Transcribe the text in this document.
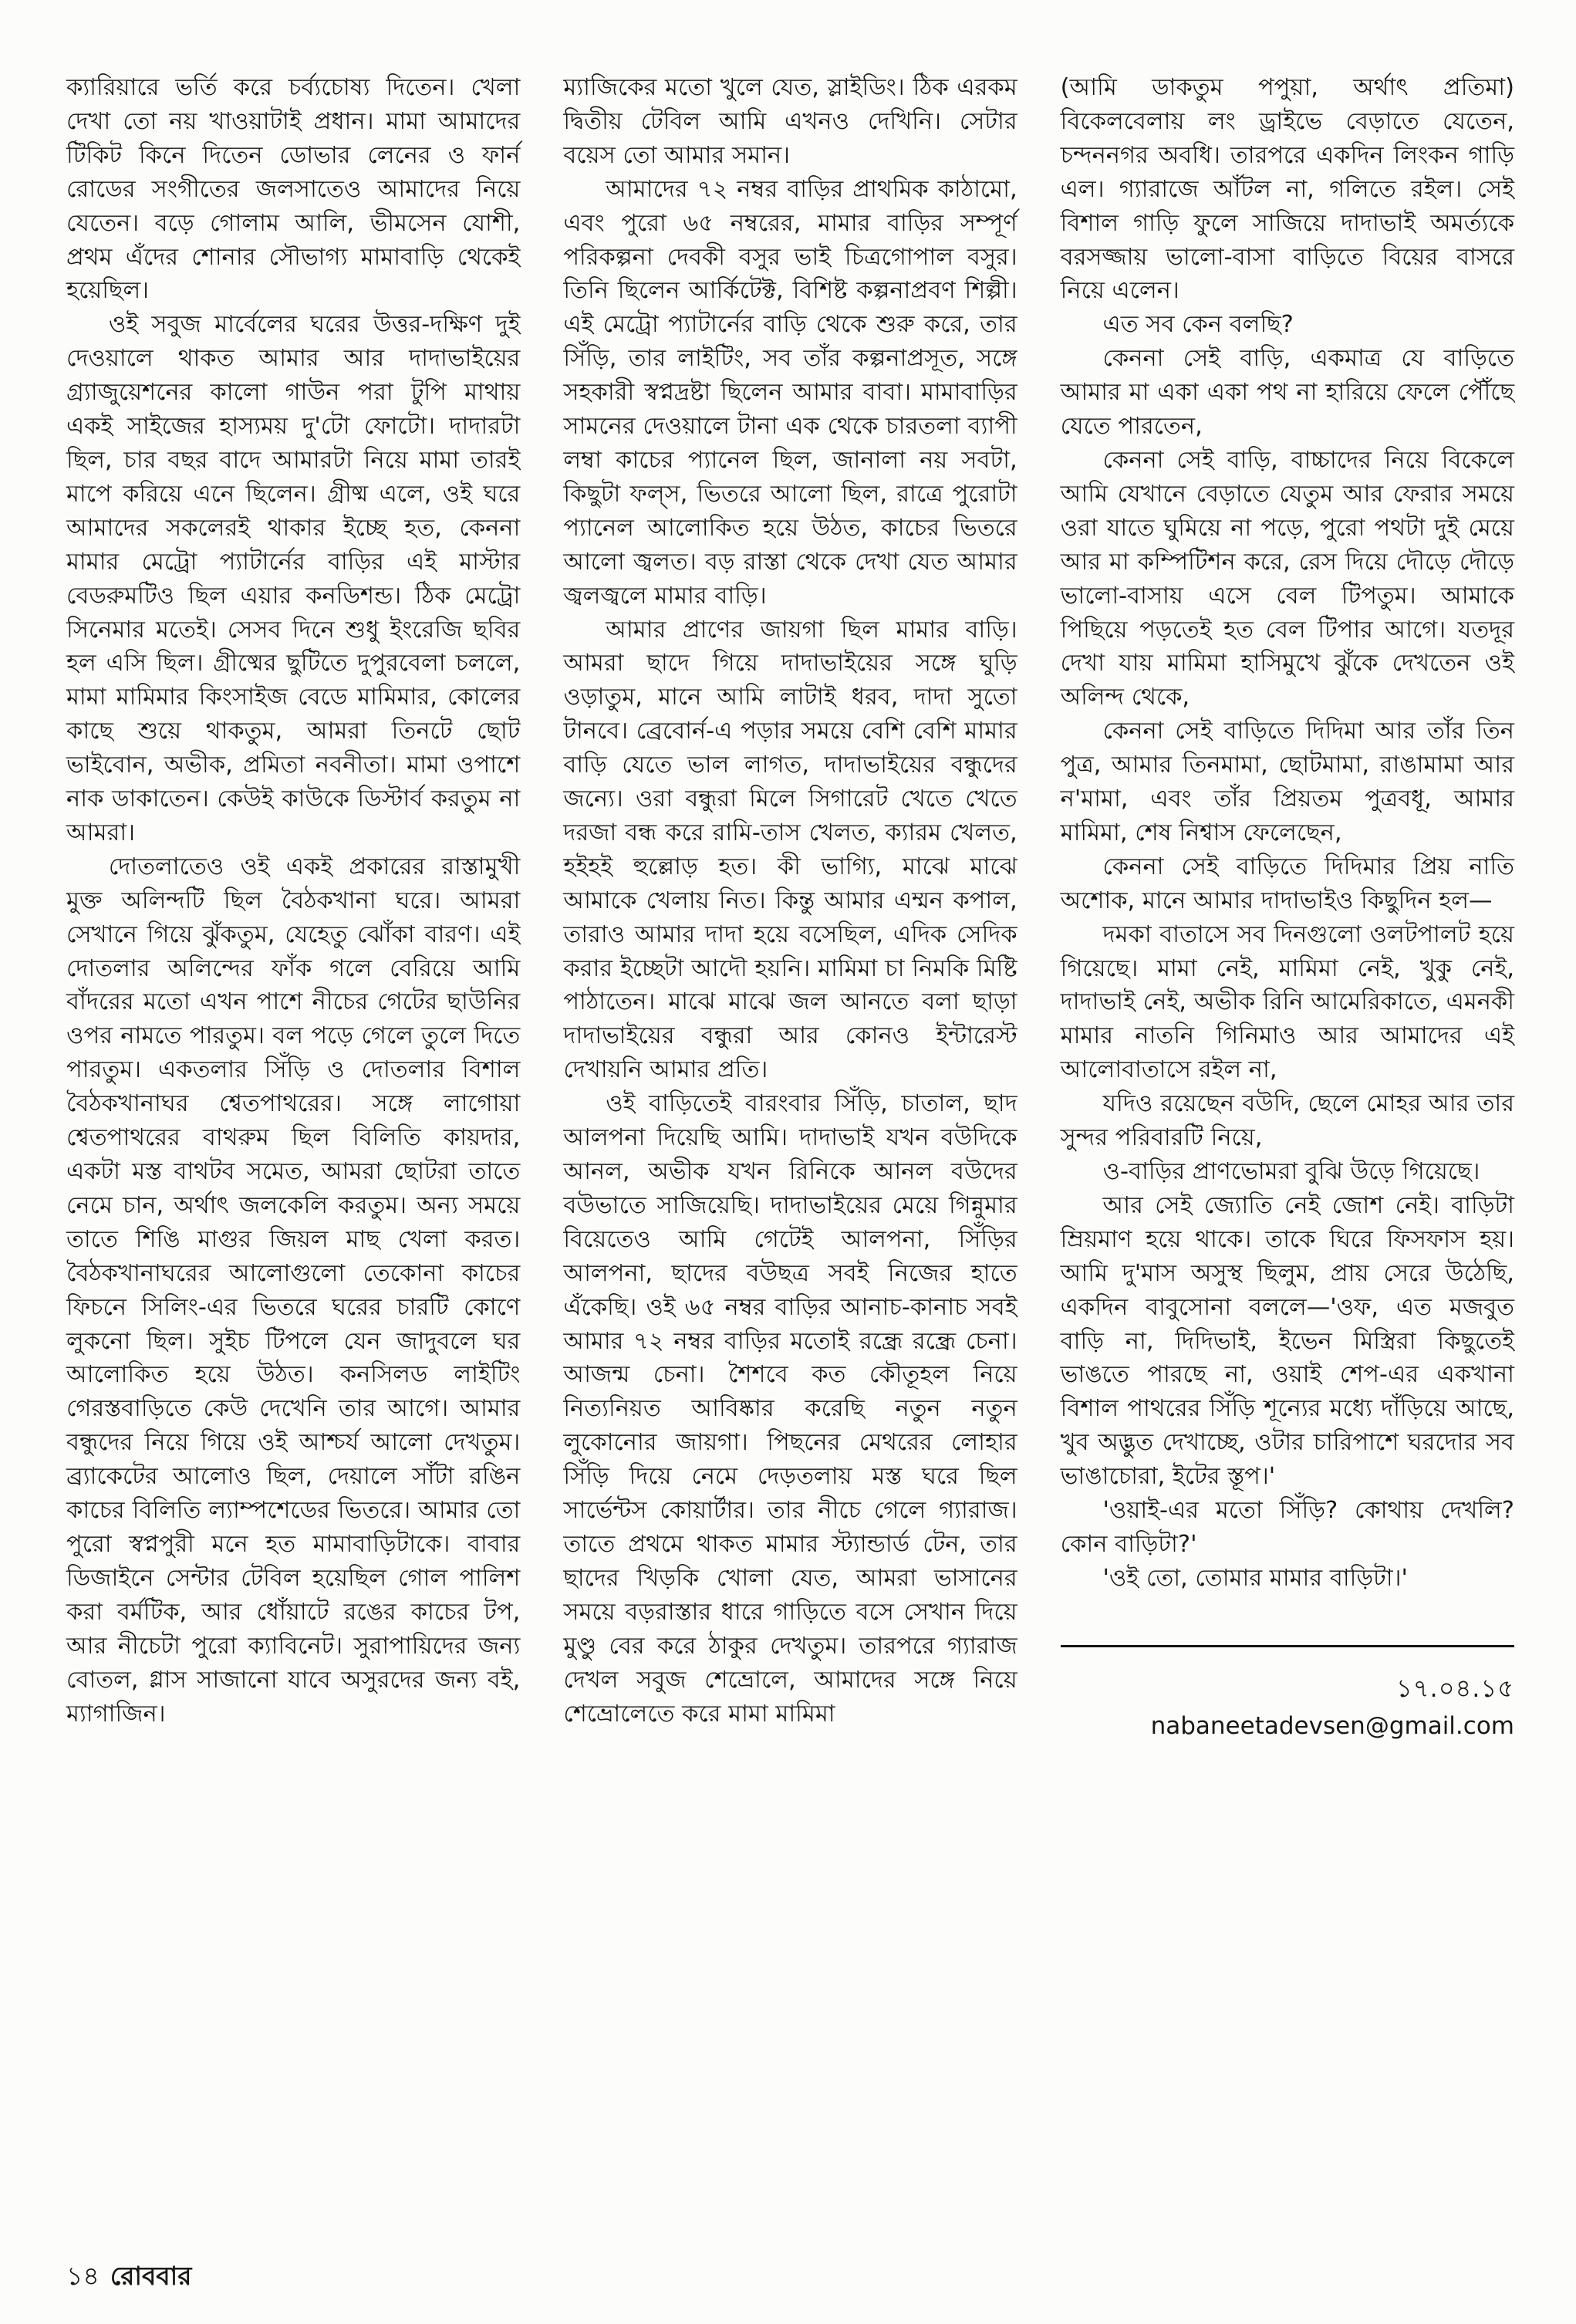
ক্যারিয়ারে ভর্তি করে চর্ব্যচোষ্য দিতেন। খেলা দেখা তো নয় খাওয়াটাই প্রধান। মামা আমাদের টিকিট কিনে দিতেন ডোভার লেনের ও ফার্ন রোডের সংগীতের জলসাতেও আমাদের নিয়ে যেতেন। বড়ে গোলাম আলি, ভীমসেন যোশী, প্রথম এঁদের শোনার সৌভাগ্য মামাবাড়ি থেকেই হয়েছিল।

ওই সবুজ মার্বেলের ঘরের উত্তর-দক্ষিণ দুই দেওয়ালে থাকত আমার আর দাদাভাইয়ের গ্র্যাজুয়েশনের কালো গাউন পরা টুপি মাথায় একই সাইজের হাস্যময় দু'টো ফোটো। দাদারটা ছিল, চার বছর বাদে আমারটা নিয়ে মামা তারই মাপে করিয়ে এনে ছিলেন। গ্রীষ্ম এলে, ওই ঘরে আমাদের সকলেরই থাকার ইচ্ছে হত, কেননা মামার মেট্রো প্যাটার্নের বাড়ির এই মাস্টার বেডরুমটিও ছিল এয়ার কনডিশন্ড। ঠিক মেট্রো সিনেমার মতেই। সেসব দিনে শুধু ইংরেজি ছবির হল এসি ছিল। গ্রীষ্মের ছুটিতে দুপুরবেলা চললে, মামা মামিমার কিংসাইজ বেডে মামিমার, কোলের কাছে শুয়ে থাকতুম, আমরা তিনটে ছোট ভাইবোন, অভীক, প্রমিতা নবনীতা। মামা ওপাশে নাক ডাকাতেন। কেউই কাউকে ডিস্টার্ব করতুম না আমরা।

দোতলাতেও ওই একই প্রকারের রাস্তামুখী মুক্ত অলিন্দটি ছিল বৈঠকখানা ঘরে। আমরা সেখানে গিয়ে ঝুঁকতুম, যেহেতু ঝোঁকা বারণ। এই দোতলার অলিন্দের ফাঁক গলে বেরিয়ে আমি বাঁদরের মতো এখন পাশে নীচের গেটের ছাউনির ওপর নামতে পারতুম। বল পড়ে গেলে তুলে দিতে পারতুম। একতলার সিঁড়ি ও দোতলার বিশাল বৈঠকখানাঘর শ্বেতপাথরের। সঙ্গে লাগোয়া শ্বেতপাথরের বাথরুম ছিল বিলিতি কায়দার, একটা মস্ত বাথটব সমেত, আমরা ছোটরা তাতে নেমে চান, অর্থাৎ জলকেলি করতুম। অন্য সময়ে তাতে শিঙি মাগুর জিয়ল মাছ খেলা করত। বৈঠকখানাঘরের আলোগুলো তেকোনা কাচের ফিচনে সিলিং-এর ভিতরে ঘরের চারটি কোণে লুকনো ছিল। সুইচ টিপলে যেন জাদুবলে ঘর আলোকিত হয়ে উঠত। কনসিলড লাইটিং গেরস্তবাড়িতে কেউ দেখেনি তার আগে। আমার বন্ধুদের নিয়ে গিয়ে ওই আশ্চর্য আলো দেখতুম। ব্র্যাকেটের আলোও ছিল, দেয়ালে সাঁটা রঙিন কাচের বিলিতি ল্যাম্পশেডের ভিতরে। আমার তো পুরো স্বপ্নপুরী মনে হত মামাবাড়িটাকে। বাবার ডিজাইনে সেন্টার টেবিল হয়েছিল গোল পালিশ করা বর্মটিক, আর ধোঁয়াটে রঙের কাচের টপ, আর নীচেটা পুরো ক্যাবিনেট। সুরাপায়িদের জন্য বোতল, গ্লাস সাজানো যাবে অসুরদের জন্য বই, ম্যাগাজিন।

ম্যাজিকের মতো খুলে যেত, স্লাইডিং। ঠিক এরকম দ্বিতীয় টেবিল আমি এখনও দেখিনি। সেটার বয়েস তো আমার সমান।

আমাদের ৭২ নম্বর বাড়ির প্রাথমিক কাঠামো, এবং পুরো ৬৫ নম্বরের, মামার বাড়ির সম্পূর্ণ পরিকল্পনা দেবকী বসুর ভাই চিত্রগোপাল বসুর। তিনি ছিলেন আর্কিটেক্ট, বিশিষ্ট কল্পনাপ্রবণ শিল্পী। এই মেট্রো প্যাটার্নের বাড়ি থেকে শুরু করে, তার সিঁড়ি, তার লাইটিং, সব তাঁর কল্পনাপ্রসূত, সঙ্গে সহকারী স্বপ্নদ্রষ্টা ছিলেন আমার বাবা। মামাবাড়ির সামনের দেওয়ালে টানা এক থেকে চারতলা ব্যাপী লম্বা কাচের প্যানেল ছিল, জানালা নয় সবটা, কিছুটা ফল্স, ভিতরে আলো ছিল, রাত্রে পুরোটা প্যানেল আলোকিত হয়ে উঠত, কাচের ভিতরে আলো জ্বলত। বড় রাস্তা থেকে দেখা যেত আমার জ্বলজ্বলে মামার বাড়ি।

আমার প্রাণের জায়গা ছিল মামার বাড়ি। আমরা ছাদে গিয়ে দাদাভাইয়ের সঙ্গে ঘুড়ি ওড়াতুম, মানে আমি লাটাই ধরব, দাদা সুতো টানবে। ব্রেবোর্ন-এ পড়ার সময়ে বেশি বেশি মামার বাড়ি যেতে ভাল লাগত, দাদাভাইয়ের বন্ধুদের জন্যে। ওরা বন্ধুরা মিলে সিগারেট খেতে খেতে দরজা বন্ধ করে রামি-তাস খেলত, ক্যারম খেলত, হইহই হুল্লোড় হত। কী ভাগ্যি, মাঝে মাঝে আমাকে খেলায় নিত। কিন্তু আমার এম্মন কপাল, তারাও আমার দাদা হয়ে বসেছিল, এদিক সেদিক করার ইচ্ছেটা আদৌ হয়নি। মামিমা চা নিমকি মিষ্টি পাঠাতেন। মাঝে মাঝে জল আনতে বলা ছাড়া দাদাভাইয়ের বন্ধুরা আর কোনও ইন্টারেস্ট দেখায়নি আমার প্রতি।

ওই বাড়িতেই বারংবার সিঁড়ি, চাতাল, ছাদ আলপনা দিয়েছি আমি। দাদাভাই যখন বউদিকে আনল, অভীক যখন রিনিকে আনল বউদের বউভাতে সাজিয়েছি। দাদাভাইয়ের মেয়ে গিন্নুমার বিয়েতেও আমি গেটেই আলপনা, সিঁড়ির আলপনা, ছাদের বউছত্র সবই নিজের হাতে এঁকেছি। ওই ৬৫ নম্বর বাড়ির আনাচ-কানাচ সবই আমার ৭২ নম্বর বাড়ির মতোই রন্ধ্রে রন্ধ্রে চেনা। আজন্ম চেনা। শৈশবে কত কৌতূহল নিয়ে নিত্যনিয়ত আবিষ্কার করেছি নতুন নতুন লুকোনোর জায়গা। পিছনের মেথরের লোহার সিঁড়ি দিয়ে নেমে দেড়তলায় মস্ত ঘরে ছিল সার্ভেন্টস কোয়ার্টার। তার নীচে গেলে গ্যারাজ। তাতে প্রথমে থাকত মামার স্ট্যান্ডার্ড টেন, তার ছাদের খিড়কি খোলা যেত, আমরা ভাসানের সময়ে বড়রাস্তার ধারে গাড়িতে বসে সেখান দিয়ে মুণ্ডু বের করে ঠাকুর দেখতুম। তারপরে গ্যারাজ দেখল সবুজ শেভ্রোলে, আমাদের সঙ্গে নিয়ে শেভ্রোলেতে করে মামা মামিমা

(আমি ডাকতুম পপুয়া, অর্থাৎ প্রতিমা) বিকেলবেলায় লং ড্রাইভে বেড়াতে যেতেন, চন্দননগর অবধি। তারপরে একদিন লিংকন গাড়ি এল। গ্যারাজে আঁটল না, গলিতে রইল। সেই বিশাল গাড়ি ফুলে সাজিয়ে দাদাভাই অমর্ত্যকে বরসজ্জায় ভালো-বাসা বাড়িতে বিয়ের বাসরে নিয়ে এলেন।

এত সব কেন বলছি?

কেননা সেই বাড়ি, একমাত্র যে বাড়িতে আমার মা একা একা পথ না হারিয়ে ফেলে পৌঁছে যেতে পারতেন,

কেননা সেই বাড়ি, বাচ্চাদের নিয়ে বিকেলে আমি যেখানে বেড়াতে যেতুম আর ফেরার সময়ে ওরা যাতে ঘুমিয়ে না পড়ে, পুরো পথটা দুই মেয়ে আর মা কম্পিটিশন করে, রেস দিয়ে দৌড়ে দৌড়ে ভালো-বাসায় এসে বেল টিপতুম। আমাকে পিছিয়ে পড়তেই হত বেল টিপার আগে। যতদূর দেখা যায় মামিমা হাসিমুখে ঝুঁকে দেখতেন ওই অলিন্দ থেকে,

কেননা সেই বাড়িতে দিদিমা আর তাঁর তিন পুত্র, আমার তিনমামা, ছোটমামা, রাঙামামা আর ন'মামা, এবং তাঁর প্রিয়তম পুত্রবধূ, আমার মামিমা, শেষ নিশ্বাস ফেলেছেন,

কেননা সেই বাড়িতে দিদিমার প্রিয় নাতি অশোক, মানে আমার দাদাভাইও কিছুদিন হল—

দমকা বাতাসে সব দিনগুলো ওলটপালট হয়ে গিয়েছে। মামা নেই, মামিমা নেই, খুকু নেই, দাদাভাই নেই, অভীক রিনি আমেরিকাতে, এমনকী মামার নাতনি গিনিমাও আর আমাদের এই আলোবাতাসে রইল না,

যদিও রয়েছেন বউদি, ছেলে মোহর আর তার সুন্দর পরিবারটি নিয়ে,

ও-বাড়ির প্রাণভোমরা বুঝি উড়ে গিয়েছে।

আর সেই জ্যোতি নেই জোশ নেই। বাড়িটা ম্রিয়মাণ হয়ে থাকে। তাকে ঘিরে ফিসফাস হয়। আমি দু'মাস অসুস্থ ছিলুম, প্রায় সেরে উঠেছি, একদিন বাবুসোনা বললে—'ওফ, এত মজবুত বাড়ি না, দিদিভাই, ইভেন মিস্ত্রিরা কিছুতেই ভাঙতে পারছে না, ওয়াই শেপ-এর একখানা বিশাল পাথরের সিঁড়ি শূন্যের মধ্যে দাঁড়িয়ে আছে, খুব অদ্ভুত দেখাচ্ছে, ওটার চারিপাশে ঘরদোর সব ভাঙাচোরা, ইটের স্তূপ।'

'ওয়াই-এর মতো সিঁড়ি? কোথায় দেখলি? কোন বাড়িটা?'

'ওই তো, তোমার মামার বাড়িটা।'

১৭.০৪.১৫
nabaneetadevsen@gmail.com
১৪ রোববার
